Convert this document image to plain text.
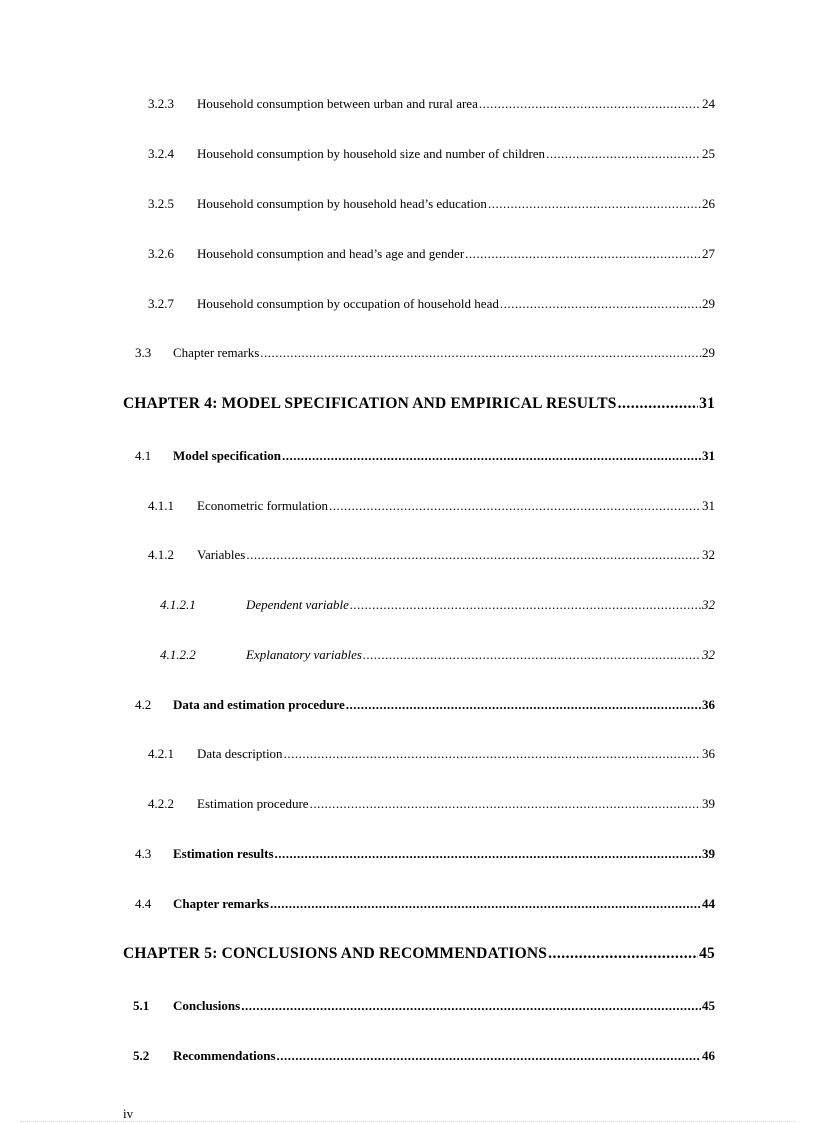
3.2.3	Household consumption between urban and rural area .....	24
3.2.4	Household consumption by household size and number of children .....	25
3.2.5	Household consumption by household head’s education .....	26
3.2.6	Household consumption and head’s age and gender .....	27
3.2.7	Household consumption by occupation of household head .....	29
3.3	Chapter remarks .....	29
CHAPTER 4: MODEL SPECIFICATION AND EMPIRICAL RESULTS .....	31
4.1	Model specification .....	31
4.1.1	Econometric formulation .....	31
4.1.2	Variables .....	32
4.1.2.1	Dependent variable .....	32
4.1.2.2	Explanatory variables .....	32
4.2	Data and estimation procedure .....	36
4.2.1	Data description .....	36
4.2.2	Estimation procedure .....	39
4.3	Estimation results .....	39
4.4	Chapter remarks .....	44
CHAPTER 5: CONCLUSIONS AND RECOMMENDATIONS .....	45
5.1	Conclusions .....	45
5.2	Recommendations .....	46
iv
